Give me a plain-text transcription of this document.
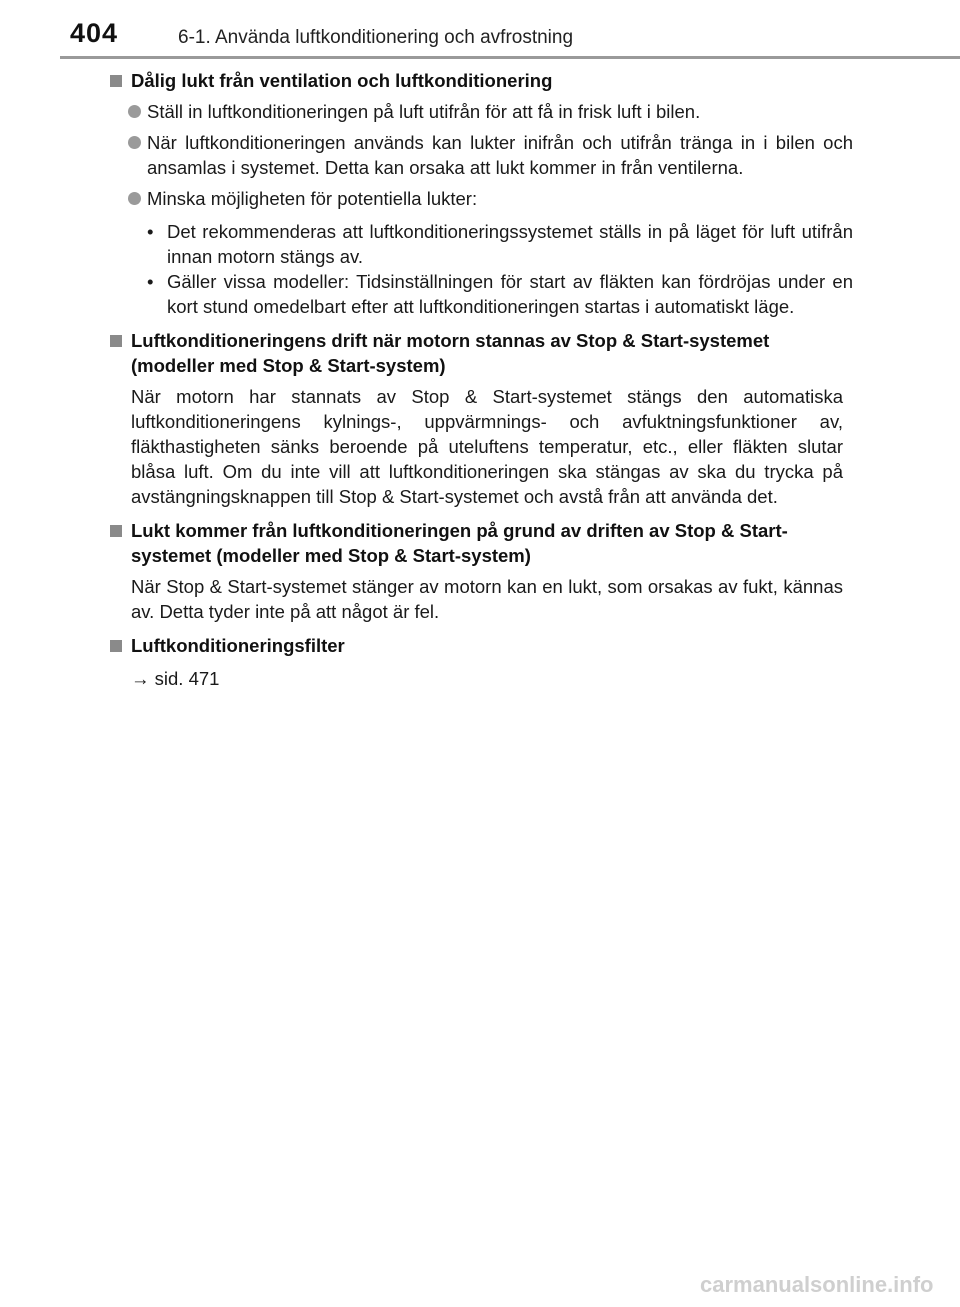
404	6-1. Använda luftkonditionering och avfrostning
Dålig lukt från ventilation och luftkonditionering
Ställ in luftkonditioneringen på luft utifrån för att få in frisk luft i bilen.
När luftkonditioneringen används kan lukter inifrån och utifrån tränga in i bilen och ansamlas i systemet. Detta kan orsaka att lukt kommer in från ventilerna.
Minska möjligheten för potentiella lukter:
• Det rekommenderas att luftkonditioneringssystemet ställs in på läget för luft utifrån innan motorn stängs av.
• Gäller vissa modeller: Tidsinställningen för start av fläkten kan fördröjas under en kort stund omedelbart efter att luftkonditioneringen startas i automatiskt läge.
Luftkonditioneringens drift när motorn stannas av Stop & Start-systemet (modeller med Stop & Start-system)
När motorn har stannats av Stop & Start-systemet stängs den automatiska luftkonditioneringens kylnings-, uppvärmnings- och avfuktningsfunktioner av, fläkthastigheten sänks beroende på uteluftens temperatur, etc., eller fläkten slutar blåsa luft. Om du inte vill att luftkonditioneringen ska stängas av ska du trycka på avstängningsknappen till Stop & Start-systemet och avstå från att använda det.
Lukt kommer från luftkonditioneringen på grund av driften av Stop & Start-systemet (modeller med Stop & Start-system)
När Stop & Start-systemet stänger av motorn kan en lukt, som orsakas av fukt, kännas av. Detta tyder inte på att något är fel.
Luftkonditioneringsfilter
→ sid. 471
carmanualsonline.info
